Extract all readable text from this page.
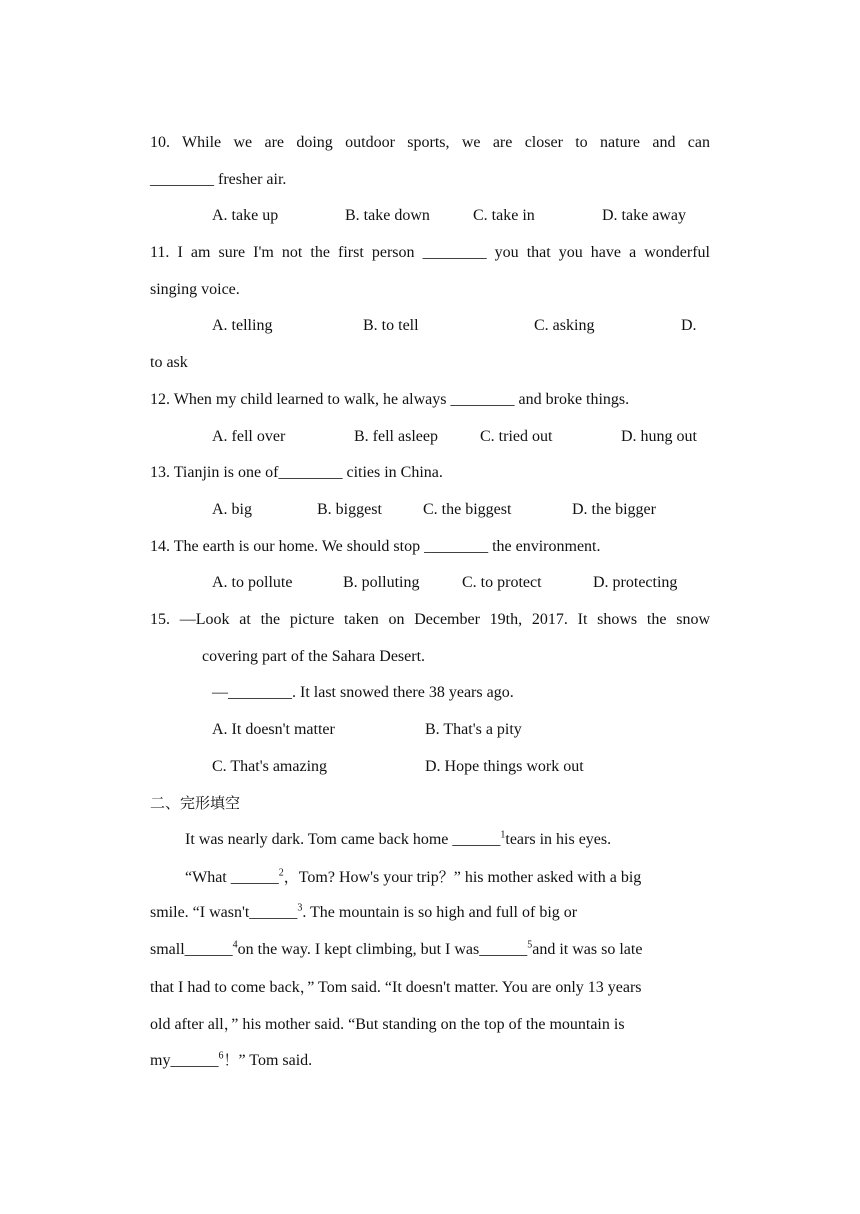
10. While we are doing outdoor sports, we are closer to nature and can
________ fresher air.
A. take up	B. take down	C. take in	D. take away
11. I am sure I'm not the first person ________ you that you have a wonderful
singing voice.
A. telling	B. to tell	C. asking	D.
to ask
12. When my child learned to walk, he always ________ and broke things.
A. fell over	B. fell asleep	C. tried out	D. hung out
13. Tianjin is one of________ cities in China.
A. big	B. biggest	C. the biggest	D. the bigger
14. The earth is our home. We should stop ________ the environment.
A. to pollute	B. polluting	C. to protect	D. protecting
15. —Look at the picture taken on December 19th, 2017. It shows the snow
covering part of the Sahara Desert.
—________. It last snowed there 38 years ago.
A. It doesn't matter	B. That's a pity
C. That's amazing	D. Hope things work out
二、完形填空
It was nearly dark. Tom came back home ______$^1$tears in his eyes.
“What ______$^2$，Tom? How's your trip？” his mother asked with a big
smile. “I wasn't______$^3$. The mountain is so high and full of big or
small______$^4$on the way. I kept climbing, but I was______$^5$and it was so late
that I had to come back，” Tom said. “It doesn't matter. You are only 13 years
old after all，” his mother said. “But standing on the top of the mountain is
my______$^6$！” Tom said.
